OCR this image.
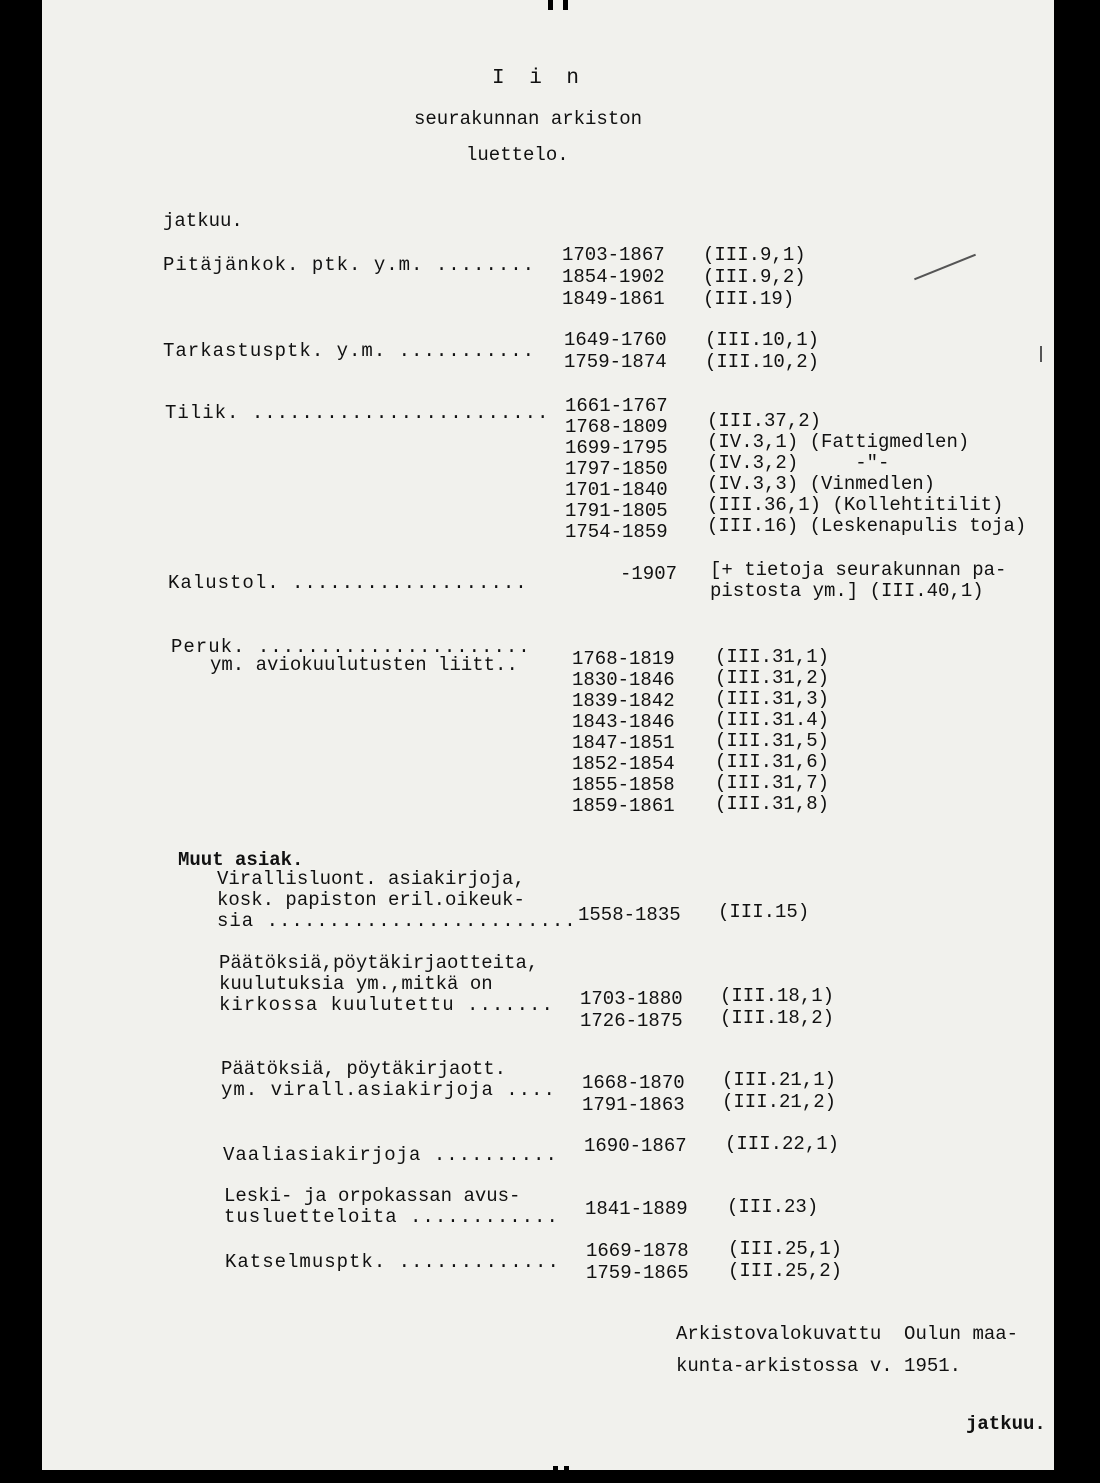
I i n
seurakunnan arkiston
luettelo.
jatkuu.
Pitäjänkok. ptk. y.m. ........ 1703-1867
1854-1902
1849-1861
(III.9,1)
(III.9,2)
(III.19)
Tarkastusptk. y.m. ........... 1649-1760
1759-1874
(III.10,1)
(III.10,2)
Tilik. ........................ 1661-1767
1768-1809
1699-1795
1797-1850
1701-1840
1791-1805
1754-1859
(III.37,2)
(IV.3,1) (Fattigmedlen)
(IV.3,2)     -"-
(IV.3,3) (Vinmedlen)
(III.36,1) (Kollehtitilit)
(III.16) (Leskenapulis toja)
Kalustol. ...................	-1907 [+ tietoja seurakunnan pa-
pistosta ym.] (III.40,1)
Peruk. ......................
ym. aviokuulutusten liitt..	1768-1819
1830-1846
1839-1842
1843-1846
1847-1851
1852-1854
1855-1858
1859-1861
(III.31,1)
(III.31,2)
(III.31,3)
(III.31.4)
(III.31,5)
(III.31,6)
(III.31,7)
(III.31,8)
Muut asiak.
Virallisluont. asiakirjoja,
kosk. papiston eril.oikeuk-
sia ......................... 1558-1835 (III.15)
Päätöksiä,pöytäkirjaotteita,
kuulutuksia ym.,mitkä on
kirkossa kuulutettu ....... 1703-1880
1726-1875
(III.18,1)
(III.18,2)
Päätöksiä, pöytäkirjaott.
ym. virall.asiakirjoja .... 1668-1870
1791-1863
(III.21,1)
(III.21,2)
Vaaliasiakirjoja .......... 1690-1867 (III.22,1)
Leski- ja orpokassan avus-
tusluetteloita ............ 1841-1889 (III.23)
Katselmusptk. ............. 1669-1878
1759-1865
(III.25,1)
(III.25,2)
Arkistovalokuvattu  Oulun maa-
kunta-arkistossa v. 1951.
jatkuu.
